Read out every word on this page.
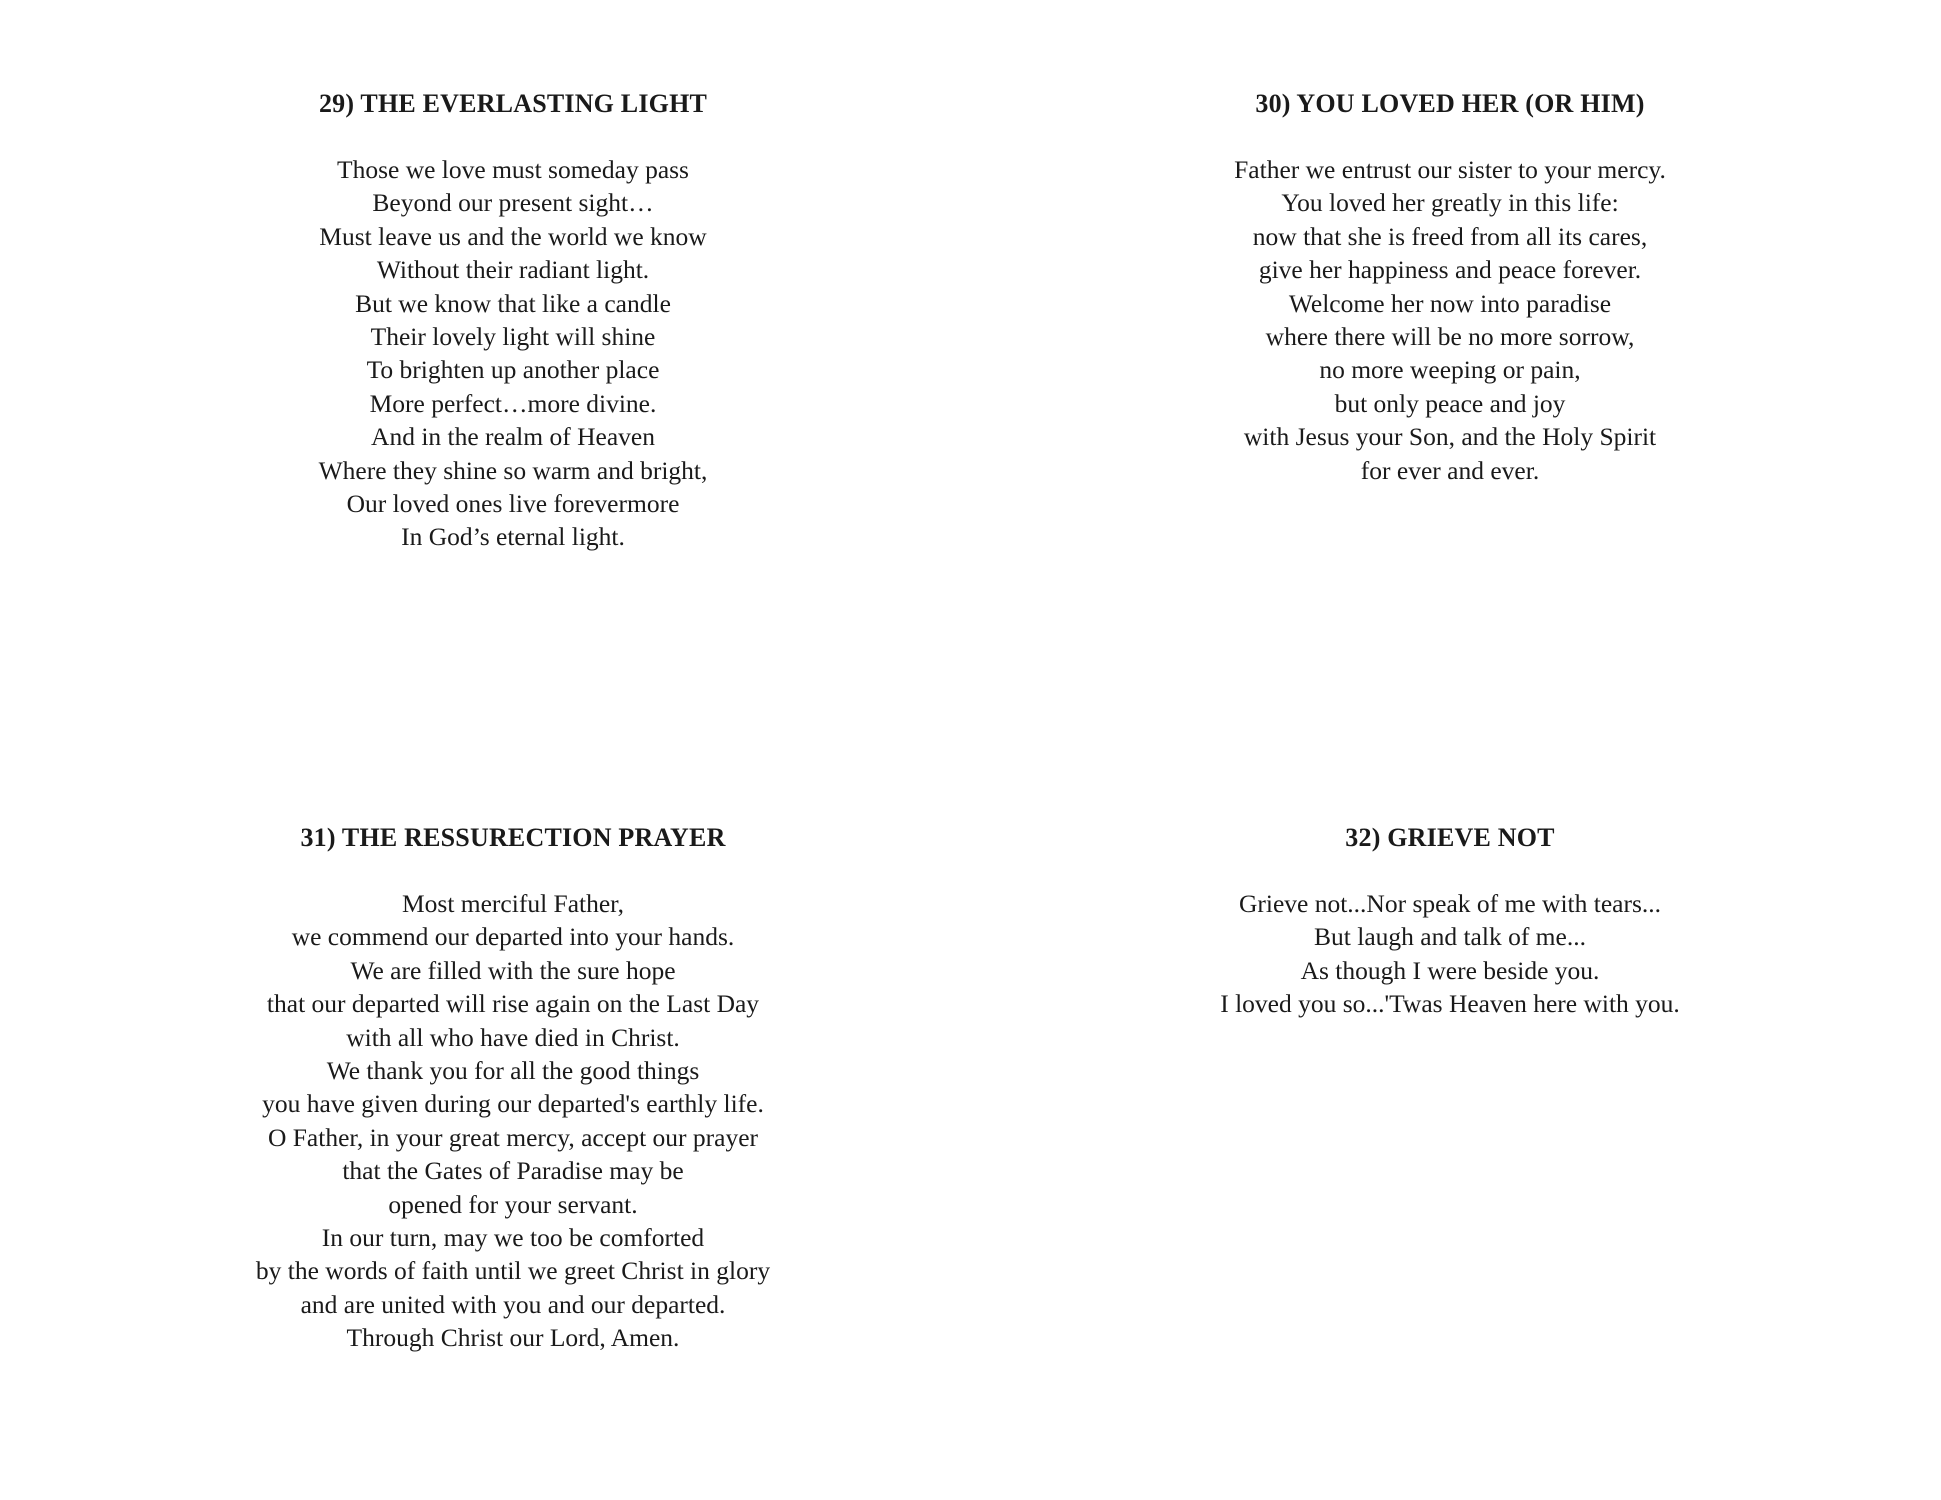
29) THE EVERLASTING LIGHT
Those we love must someday pass
Beyond our present sight…
Must leave us and the world we know
Without their radiant light.
But we know that like a candle
Their lovely light will shine
To brighten up another place
More perfect…more divine.
And in the realm of Heaven
Where they shine so warm and bright,
Our loved ones live forevermore
In God’s eternal light.
30) YOU LOVED HER (OR HIM)
Father we entrust our sister to your mercy.
You loved her greatly in this life:
now that she is freed from all its cares,
give her happiness and peace forever.
Welcome her now into paradise
where there will be no more sorrow,
no more weeping or pain,
but only peace and joy
with Jesus your Son, and the Holy Spirit
for ever and ever.
31) THE RESSURECTION PRAYER
Most merciful Father,
we commend our departed into your hands.
We are filled with the sure hope
that our departed will rise again on the Last Day
with all who have died in Christ.
We thank you for all the good things
you have given during our departed's earthly life.
O Father, in your great mercy, accept our prayer
that the Gates of Paradise may be
opened for your servant.
In our turn, may we too be comforted
by the words of faith until we greet Christ in glory
and are united with you and our departed.
Through Christ our Lord, Amen.
32) GRIEVE NOT
Grieve not...Nor speak of me with tears...
But laugh and talk of me...
As though I were beside you.
I loved you so...'Twas Heaven here with you.
